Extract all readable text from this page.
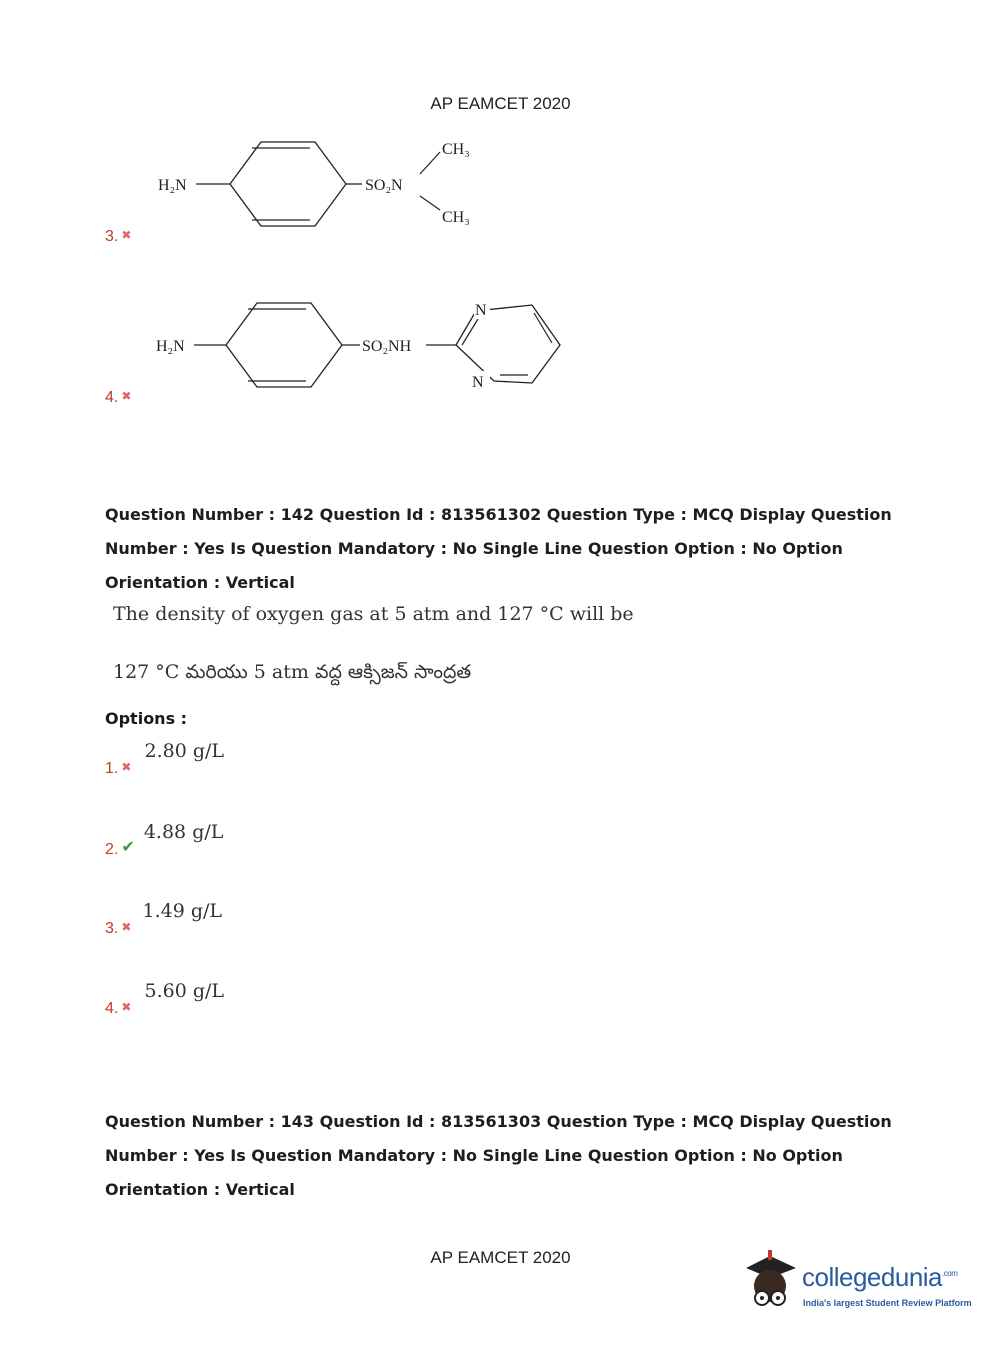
AP EAMCET 2020
H₂N	SO₂N
CH₃
CH₃
3. ✖
H₂N	SO₂NH
N
N
4. ✖
Question Number : 142 Question Id : 813561302 Question Type : MCQ Display Question
Number : Yes Is Question Mandatory : No Single Line Question Option : No Option
Orientation : Vertical
The density of oxygen gas at 5 atm and 127 °C will be
127 °C మరియు 5 atm వద్ద ఆక్సిజన్ సాంద్రత
Options :
1. ✖ 2.80 g/L
2. ✔ 4.88 g/L
3. ✖ 1.49 g/L
4. ✖ 5.60 g/L
Question Number : 143 Question Id : 813561303 Question Type : MCQ Display Question
Number : Yes Is Question Mandatory : No Single Line Question Option : No Option
Orientation : Vertical
AP EAMCET 2020
collegedunia$^{.com}$
India's largest Student Review Platform
